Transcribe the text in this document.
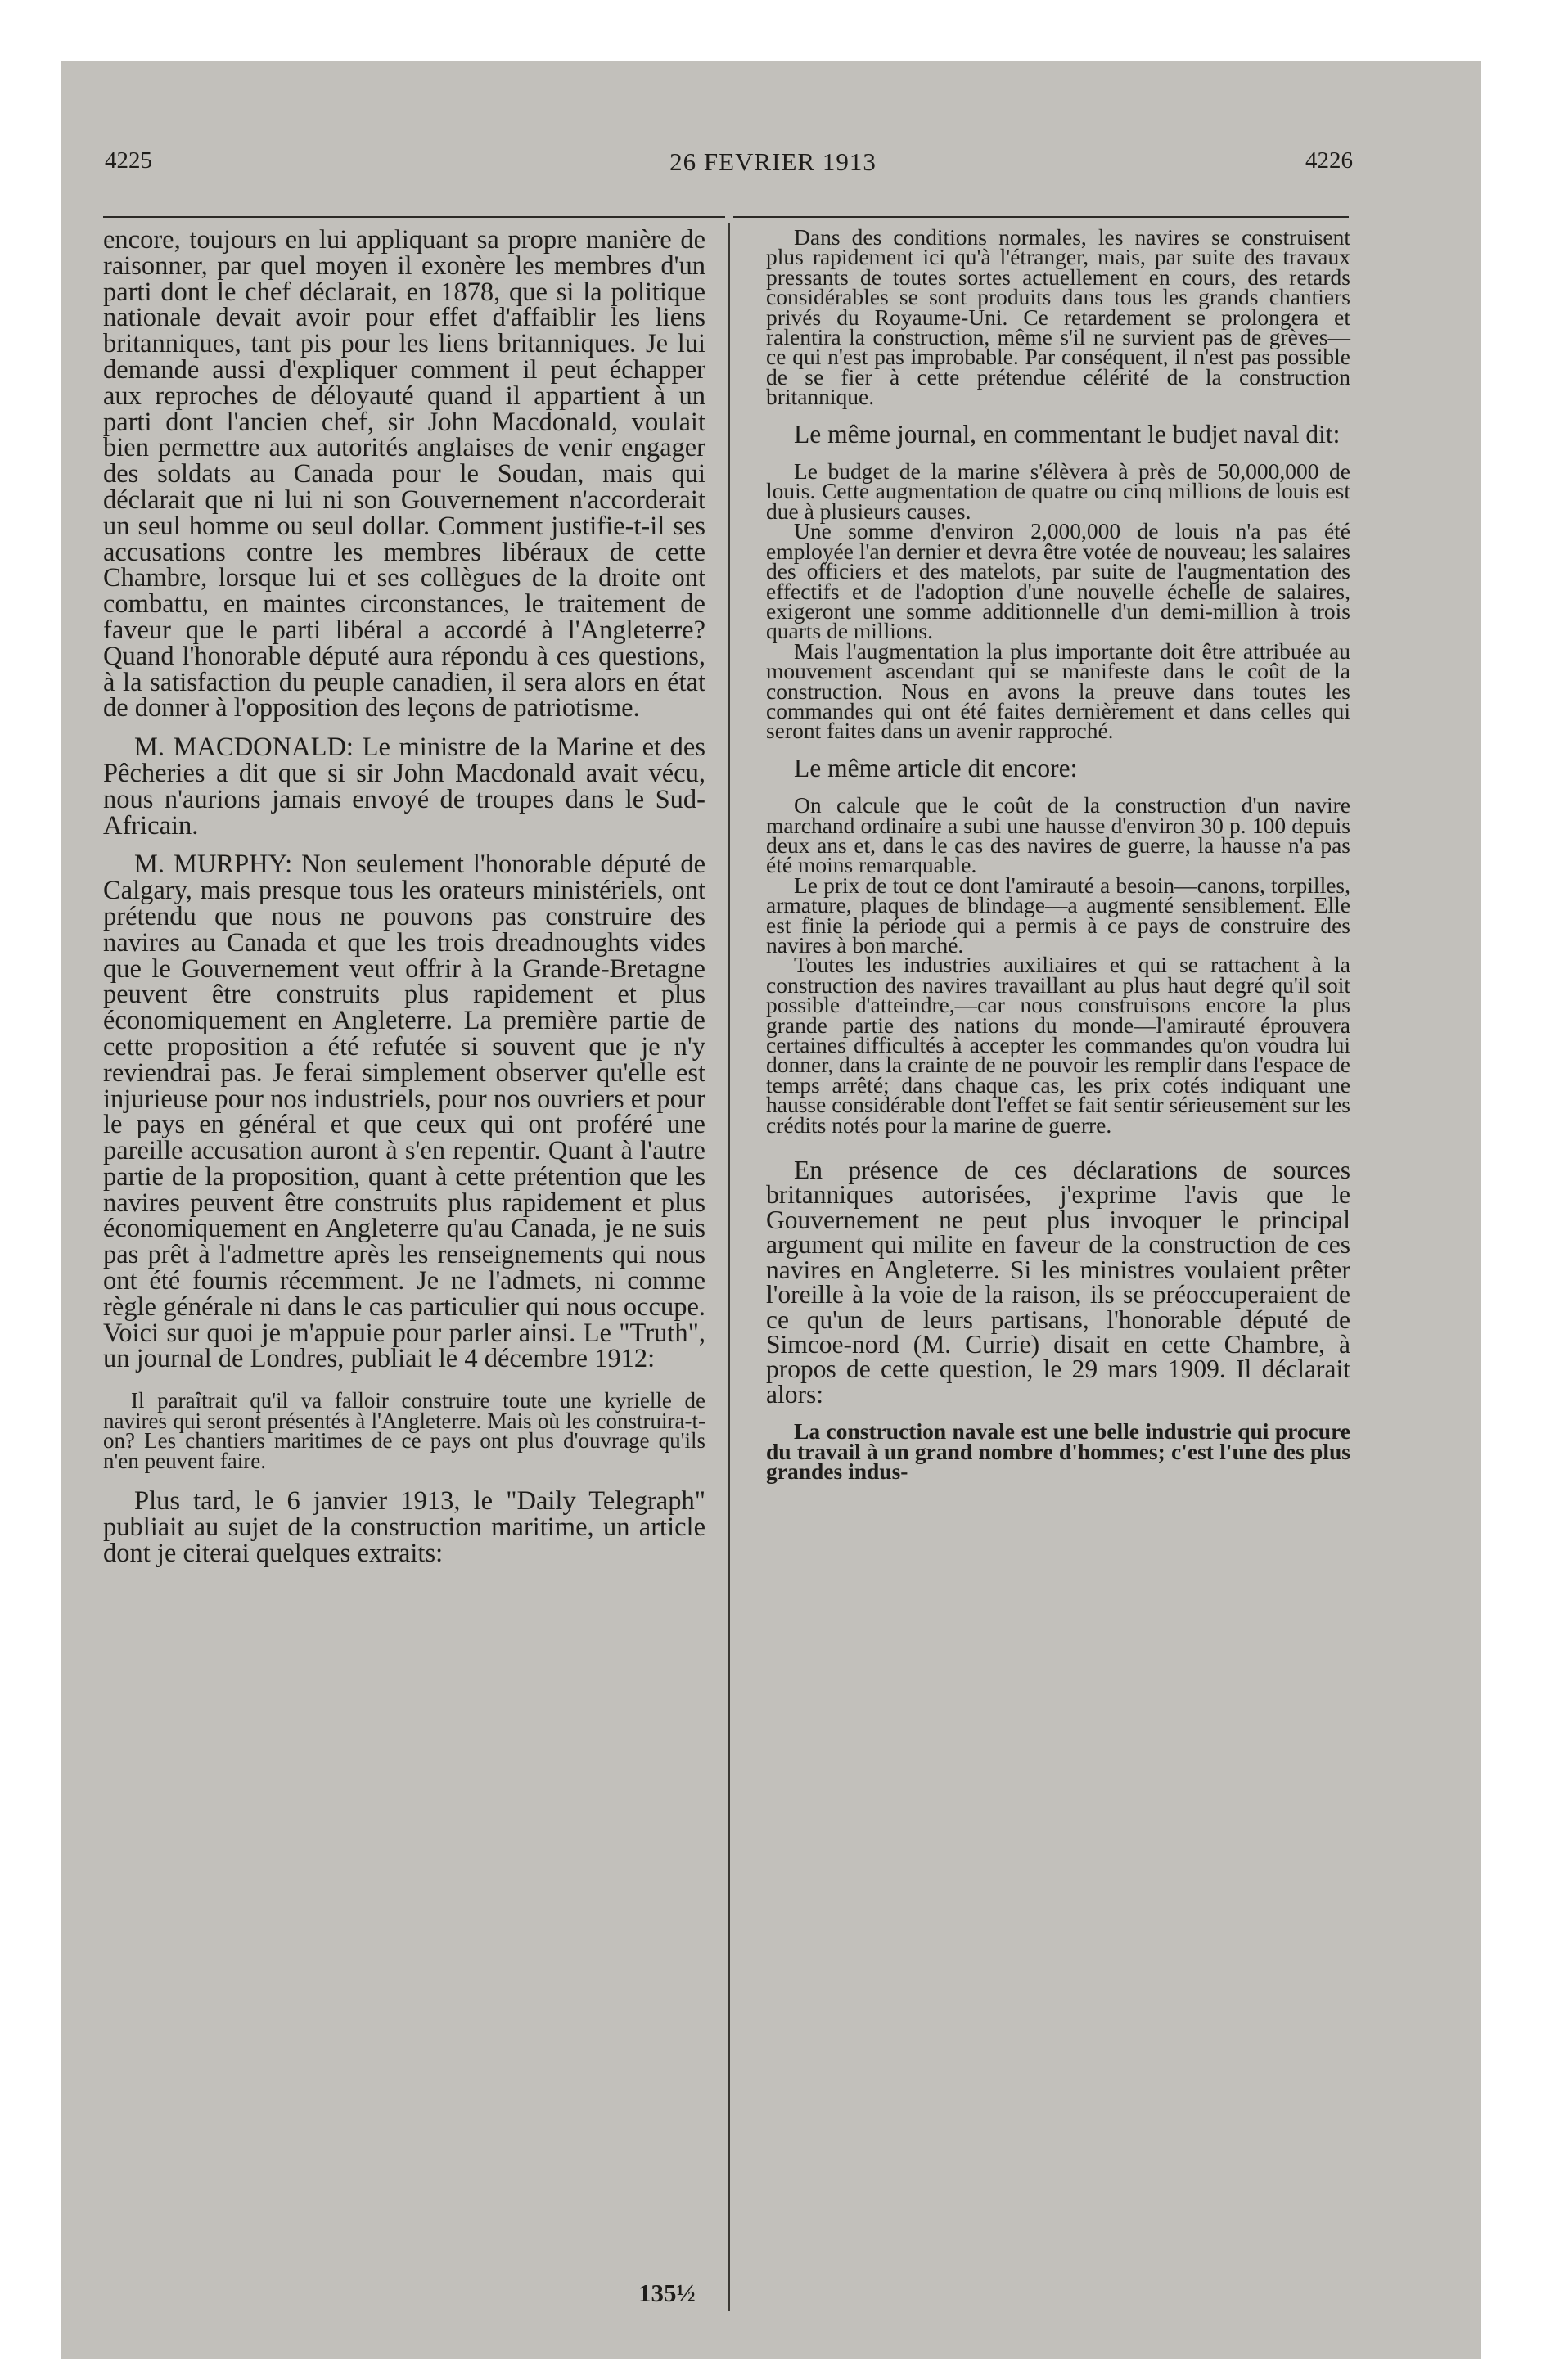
4225	26 FEVRIER 1913	4226

encore, toujours en lui appliquant sa propre manière de raisonner, par quel moyen il exonère les membres d'un parti dont le chef déclarait, en 1878, que si la politique nationale devait avoir pour effet d'affaiblir les liens britanniques, tant pis pour les liens britanniques. Je lui demande aussi d'expliquer comment il peut échapper aux reproches de déloyauté quand il appartient à un parti dont l'ancien chef, sir John Macdonald, voulait bien permettre aux autorités anglaises de venir engager des soldats au Canada pour le Soudan, mais qui déclarait que ni lui ni son Gouvernement n'accorderait un seul homme ou seul dollar. Comment justifie-t-il ses accusations contre les membres libéraux de cette Chambre, lorsque lui et ses collègues de la droite ont combattu, en maintes circonstances, le traitement de faveur que le parti libéral a accordé à l'Angleterre? Quand l'honorable député aura répondu à ces questions, à la satisfaction du peuple canadien, il sera alors en état de donner à l'opposition des leçons de patriotisme.

M. MACDONALD: Le ministre de la Marine et des Pêcheries a dit que si sir John Macdonald avait vécu, nous n'aurions jamais envoyé de troupes dans le Sud-Africain.

M. MURPHY: Non seulement l'honorable député de Calgary, mais presque tous les orateurs ministériels, ont prétendu que nous ne pouvons pas construire des navires au Canada et que les trois dreadnoughts vides que le Gouvernement veut offrir à la Grande-Bretagne peuvent être construits plus rapidement et plus économiquement en Angleterre. La première partie de cette proposition a été refutée si souvent que je n'y reviendrai pas. Je ferai simplement observer qu'elle est injurieuse pour nos industriels, pour nos ouvriers et pour le pays en général et que ceux qui ont proféré une pareille accusation auront à s'en repentir. Quant à l'autre partie de la proposition, quant à cette prétention que les navires peuvent être construits plus rapidement et plus économiquement en Angleterre qu'au Canada, je ne suis pas prêt à l'admettre après les renseignements qui nous ont été fournis récemment. Je ne l'admets, ni comme règle générale ni dans le cas particulier qui nous occupe. Voici sur quoi je m'appuie pour parler ainsi. Le "Truth", un journal de Londres, publiait le 4 décembre 1912:

Il paraîtrait qu'il va falloir construire toute une kyrielle de navires qui seront présentés à l'Angleterre. Mais où les construira-t-on? Les chantiers maritimes de ce pays ont plus d'ouvrage qu'ils n'en peuvent faire.

Plus tard, le 6 janvier 1913, le "Daily Telegraph" publiait au sujet de la construction maritime, un article dont je citerai quelques extraits:

Dans des conditions normales, les navires se construisent plus rapidement ici qu'à l'étranger, mais, par suite des travaux pressants de toutes sortes actuellement en cours, des retards considérables se sont produits dans tous les grands chantiers privés du Royaume-Uni. Ce retardement se prolongera et ralentira la construction, même s'il ne survient pas de grèves—ce qui n'est pas improbable. Par conséquent, il n'est pas possible de se fier à cette prétendue célérité de la construction britannique.

Le même journal, en commentant le budjet naval dit:

Le budget de la marine s'élèvera à près de 50,000,000 de louis. Cette augmentation de quatre ou cinq millions de louis est due à plusieurs causes.

Une somme d'environ 2,000,000 de louis n'a pas été employée l'an dernier et devra être votée de nouveau; les salaires des officiers et des matelots, par suite de l'augmentation des effectifs et de l'adoption d'une nouvelle échelle de salaires, exigeront une somme additionnelle d'un demi-million à trois quarts de millions.

Mais l'augmentation la plus importante doit être attribuée au mouvement ascendant qui se manifeste dans le coût de la construction. Nous en avons la preuve dans toutes les commandes qui ont été faites dernièrement et dans celles qui seront faites dans un avenir rapproché.

Le même article dit encore:

On calcule que le coût de la construction d'un navire marchand ordinaire a subi une hausse d'environ 30 p. 100 depuis deux ans et, dans le cas des navires de guerre, la hausse n'a pas été moins remarquable.

Le prix de tout ce dont l'amirauté a besoin—canons, torpilles, armature, plaques de blindage—a augmenté sensiblement. Elle est finie la période qui a permis à ce pays de construire des navires à bon marché.

Toutes les industries auxiliaires et qui se rattachent à la construction des navires travaillant au plus haut degré qu'il soit possible d'atteindre,—car nous construisons encore la plus grande partie des nations du monde—l'amirauté éprouvera certaines difficultés à accepter les commandes qu'on voudra lui donner, dans la crainte de ne pouvoir les remplir dans l'espace de temps arrêté; dans chaque cas, les prix cotés indiquant une hausse considérable dont l'effet se fait sentir sérieusement sur les crédits notés pour la marine de guerre.

En présence de ces déclarations de sources britanniques autorisées, j'exprime l'avis que le Gouvernement ne peut plus invoquer le principal argument qui milite en faveur de la construction de ces navires en Angleterre. Si les ministres voulaient prêter l'oreille à la voie de la raison, ils se préoccuperaient de ce qu'un de leurs partisans, l'honorable député de Simcoe-nord (M. Currie) disait en cette Chambre, à propos de cette question, le 29 mars 1909. Il déclarait alors:

La construction navale est une belle industrie qui procure du travail à un grand nombre d'hommes; c'est l'une des plus grandes indus-

135½
